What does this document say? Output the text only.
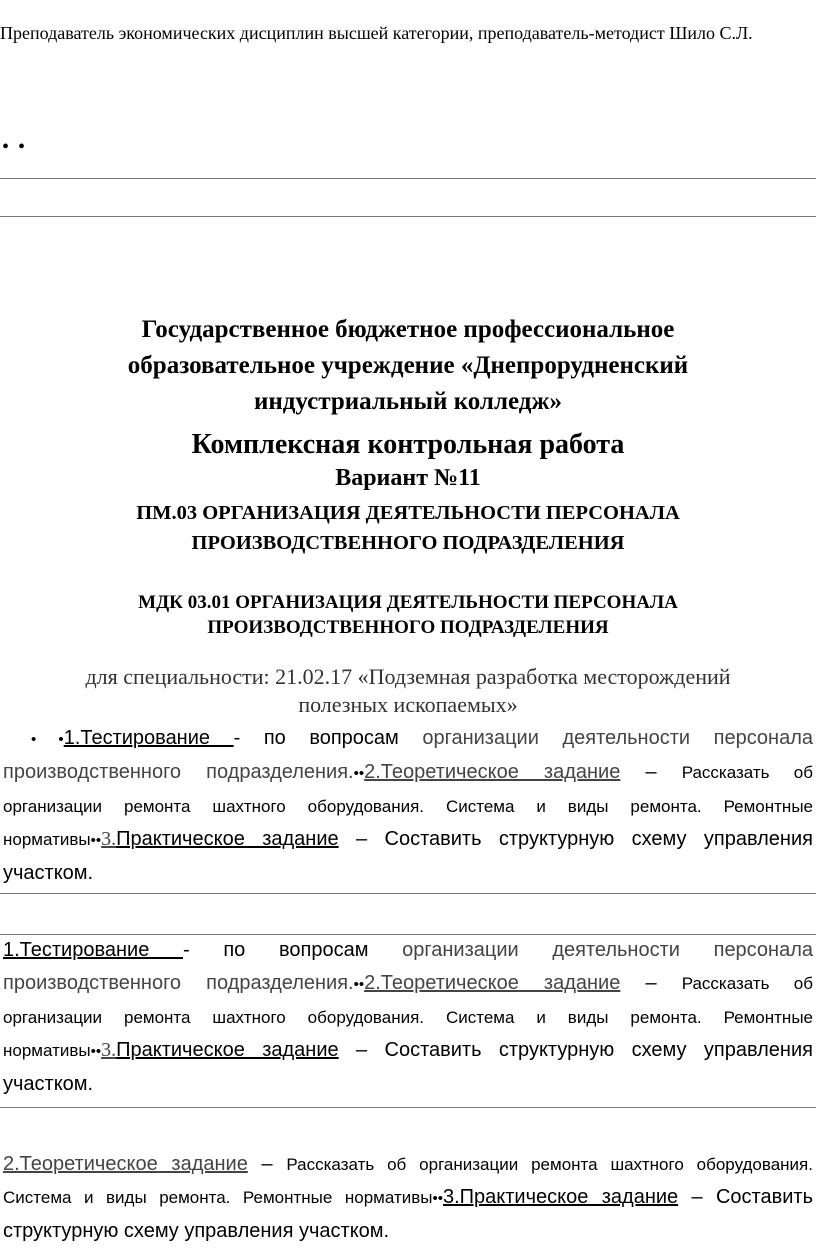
Преподаватель экономических дисциплин высшей категории, преподаватель-методист Шило С.Л.
• •
Государственное бюджетное профессиональное образовательное учреждение «Днепрорудненский индустриальный колледж»
Комплексная контрольная работа
Вариант №11
ПМ.03 ОРГАНИЗАЦИЯ ДЕЯТЕЛЬНОСТИ ПЕРСОНАЛА ПРОИЗВОДСТВЕННОГО ПОДРАЗДЕЛЕНИЯ
МДК 03.01 ОРГАНИЗАЦИЯ ДЕЯТЕЛЬНОСТИ ПЕРСОНАЛА ПРОИЗВОДСТВЕННОГО ПОДРАЗДЕЛЕНИЯ
для специальности: 21.02.17 «Подземная разработка месторождений полезных ископаемых»
• •1.Тестирование - по вопросам организации деятельности персонала производственного подразделения.••2.Теоретическое задание – Рассказать об организации ремонта шахтного оборудования. Система и виды ремонта. Ремонтные нормативы••3.Практическое задание – Составить структурную схему управления участком.
1.Тестирование - по вопросам организации деятельности персонала производственного подразделения.••2.Теоретическое задание – Рассказать об организации ремонта шахтного оборудования. Система и виды ремонта. Ремонтные нормативы••3.Практическое задание – Составить структурную схему управления участком.
2.Теоретическое задание – Рассказать об организации ремонта шахтного оборудования. Система и виды ремонта. Ремонтные нормативы••3.Практическое задание – Составить структурную схему управления участком.
